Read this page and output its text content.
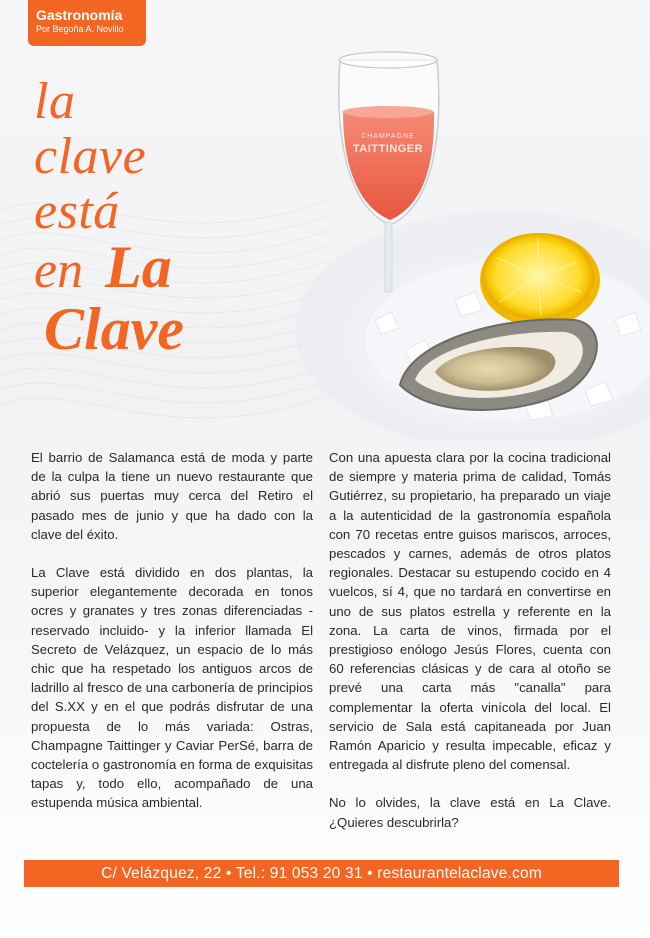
Gastronomía
Por Begoña A. Novillo
CHAMPAGNE
TAITTINGER
la
clave
está
en La
Clave

El barrio de Salamanca está de moda y parte de la culpa la tiene un nuevo restaurante que abrió sus puertas muy cerca del Retiro el pasado mes de junio y que ha dado con la clave del éxito.

La Clave está dividido en dos plantas, la superior elegantemente decorada en tonos ocres y granates y tres zonas diferenciadas -reservado incluido- y la inferior llamada El Secreto de Velázquez, un espacio de lo más chic que ha respetado los antiguos arcos de ladrillo al fresco de una carbonería de principios del S.XX y en el que podrás disfrutar de una propuesta de lo más variada: Ostras, Champagne Taittinger y Caviar PerSé, barra de coctelería o gastronomía en forma de exquisitas tapas y, todo ello, acompañado de una estupenda música ambiental.

Con una apuesta clara por la cocina tradicional de siempre y materia prima de calidad, Tomás Gutiérrez, su propietario, ha preparado un viaje a la autenticidad de la gastronomía española con 70 recetas entre guisos mariscos, arroces, pescados y carnes, además de otros platos regionales. Destacar su estupendo cocido en 4 vuelcos, sí 4, que no tardará en convertirse en uno de sus platos estrella y referente en la zona. La carta de vinos, firmada por el prestigioso enólogo Jesús Flores, cuenta con 60 referencias clásicas y de cara al otoño se prevé una carta más "canalla" para complementar la oferta vinícola del local. El servicio de Sala está capitaneada por Juan Ramón Aparicio y resulta impecable, eficaz y entregada al disfrute pleno del comensal.

No lo olvides, la clave está en La Clave. ¿Quieres descubrirla?

C/ Velázquez, 22 • Tel.: 91 053 20 31 • restaurantelaclave.com
